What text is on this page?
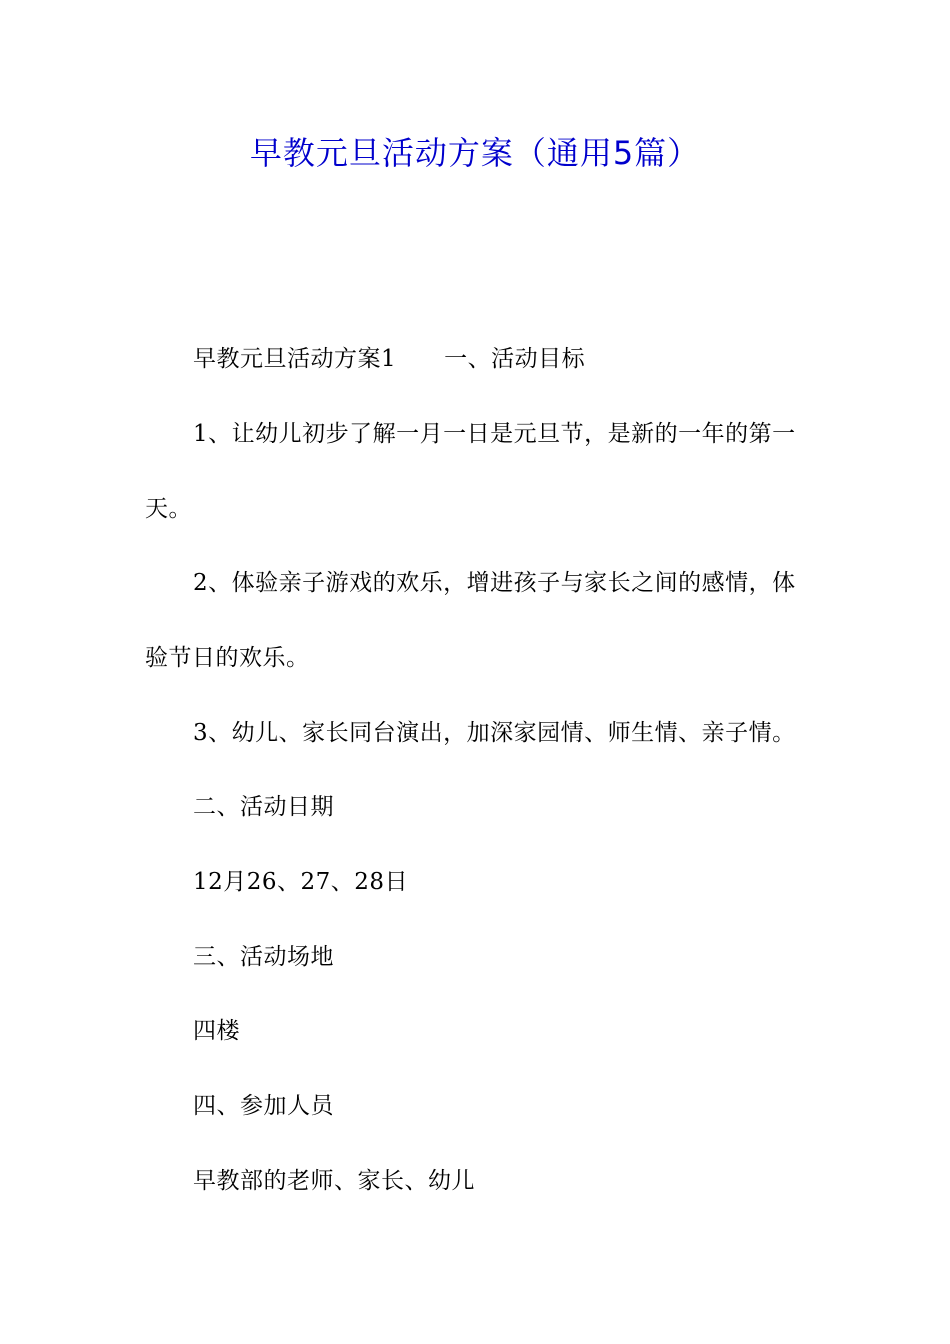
早教元旦活动方案（通用5篇）
早教元旦活动方案1 一、活动目标
1、让幼儿初步了解一月一日是元旦节，是新的一年的第一
天。
2、体验亲子游戏的欢乐，增进孩子与家长之间的感情，体
验节日的欢乐。
3、幼儿、家长同台演出，加深家园情、师生情、亲子情。
二、活动日期
12月26、27、28日
三、活动场地
四楼
四、参加人员
早教部的老师、家长、幼儿
